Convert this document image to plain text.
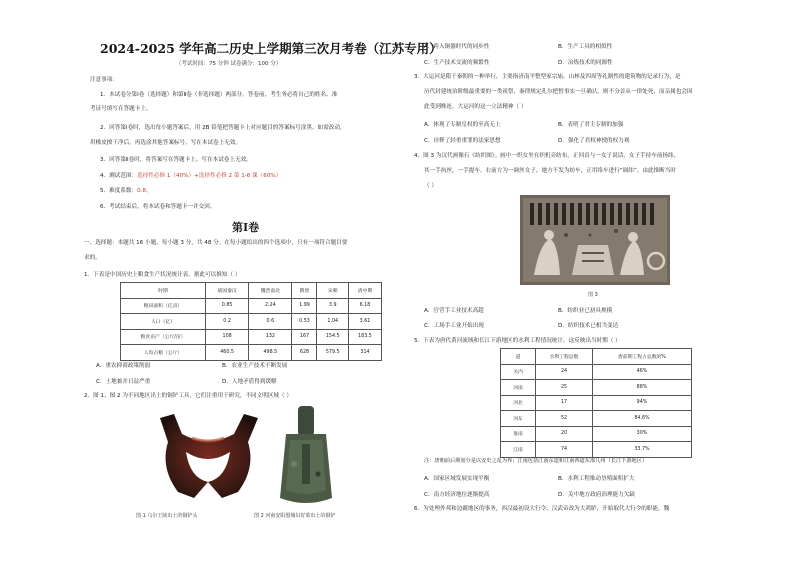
2024-2025 学年高二历史上学期第三次月考卷（江苏专用）
（考试时间：75 分钟 试卷满分：100 分）
注意事项：
1．本试卷分第Ⅰ卷（选择题）和第Ⅱ卷（非选择题）两部分。答卷前，考生务必将自己的姓名、准
考证号填写在答题卡上。
2．回答第Ⅰ卷时，选出每小题答案后，用 2B 铅笔把答题卡上对应题目的答案标号涂黑。如需改动，
用橡皮擦干净后，再选涂其他答案标号。写在本试卷上无效。
3．回答第Ⅱ卷时，将答案写在答题卡上。写在本试卷上无效。
4．测试范围：选择性必修 1（40%）+选择性必修 2 第 1-6 课（60%）
5．难度系数：0.8。
6．考试结束后，将本试卷和答题卡一并交回。
第Ⅰ卷
一、选择题：本题共 16 小题，每小题 3 分，共 48 分。在每小题给出的四个选项中，只有一项符合题目要
求的。
1．下表是中国历史上粮食生产状况统计表。据此可以推知（ ）
时期	战国秦汉	魏晋南北	隋唐	宋朝	清中期
粮田面积（亿亩）	0.85	2.24	1.99	3.9	6.18
人口（亿）	0.2	0.6	0.53	1.04	3.61
粮食亩产（公斤/亩）	108	132	167	154.5	183.5
人均占粮（公斤）	460.5	498.5	628	579.5	314
A．重农抑商政策削弱	B．农业生产技术不断发展
C．土地兼并日益严重	D．人地矛盾得到缓解
2．图 1、图 2 为不同地区出土的铜铲工具，它们注重用于研究，不同文明区域（ ）
图 1 乌尔王陵出土的铜铲头	图 2 河南安阳殷墟妇好墓出土的铜铲
A．跨入铜器时代的同步性	B．生产工具的相似性
C．生产技术交流的频繁性	D．冶炼技术的同源性
3．大运河是隋于秦朝的一种举行，主要指济南平整型家宗庙、山林及四周等礼制性的建筑物的记录行为，是
历代封建统治阶级最重要的一类祖祭，秦律规定孔尔把暂事实一旦确认，则不分首从一律处死，而亲属也会因
此受到株连。大运河的这一立法精神（ ）
A．体现了专制皇权的至高无上	B．表明了君主专制的加强
C．诠释了轻重重罪的法家思想	D．强化了君权神授的权力观
4．图 3 为汉代画像石《纺织图》。画中一织女坐在织机旁纺布，正回首与一女子说话，女子手持车前扬纬，
其一手执丝，一手提车。右前方为一调丝女子，她方不发为纺车，正用络车进行“调纬”。由此推断当时
（ ）
图 3
A．官营手工业技术高超	B．纺织业已初具规模
C．工场手工业开始出现	D．纺织技术已相当变达
5．下表为唐代黄河流域和长江下游地区的水利工程情况统计。这反映出当时期（ ）
道	水利工程总数	唐前期工程占总数的%
关内	24	46%
河南	25	88%
河北	17	94%
河东	52	84.6%
淮南	20	30%
江南	74	33.7%
注：唐朝前后期划分是以安史之乱为界；江南包括江南东道和江南西道东部几州（长江下游地区）
A．国家区域发展实现平衡	B．水利工程推动垦殖面积扩大
C．南方经济地位逐渐提高	D．关中地方政府治理能力欠缺
6．为处理外邦和边疆地区的事务，西汉最初设大行令，汉武帝改为大鸿胪，开始取代大行令的职能，魏
